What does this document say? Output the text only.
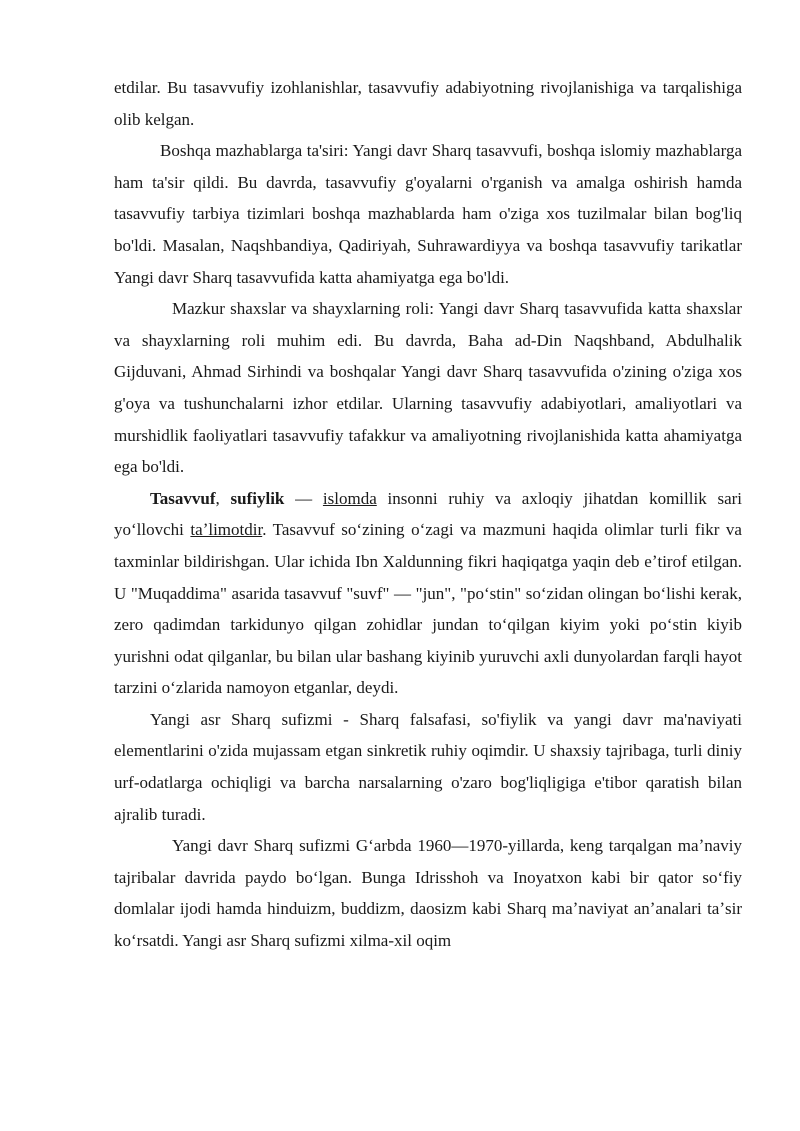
etdilar. Bu tasavvufiy izohlanishlar, tasavvufiy adabiyotning rivojlanishiga va tarqalishiga olib kelgan.

Boshqa mazhablarga ta'siri: Yangi davr Sharq tasavvufi, boshqa islomiy mazhablarga ham ta'sir qildi. Bu davrda, tasavvufiy g'oyalarni o'rganish va amalga oshirish hamda tasavvufiy tarbiya tizimlari boshqa mazhablarda ham o'ziga xos tuzilmalar bilan bog'liq bo'ldi. Masalan, Naqshbandiya, Qadiriyah, Suhrawardiyya va boshqa tasavvufiy tarikatlar Yangi davr Sharq tasavvufida katta ahamiyatga ega bo'ldi.

Mazkur shaxslar va shayxlarning roli: Yangi davr Sharq tasavvufida katta shaxslar va shayxlarning roli muhim edi. Bu davrda, Baha ad-Din Naqshband, Abdulhalik Gijduvani, Ahmad Sirhindi va boshqalar Yangi davr Sharq tasavvufida o'zining o'ziga xos g'oya va tushunchalarni izhor etdilar. Ularning tasavvufiy adabiyotlari, amaliyotlari va murshidlik faoliyatlari tasavvufiy tafakkur va amaliyotning rivojlanishida katta ahamiyatga ega bo'ldi.

Tasavvuf, sufiylik — islomda insonni ruhiy va axloqiy jihatdan komillik sari yoʻllovchi taʼlimotdir. Tasavvuf soʻzining oʻzagi va mazmuni haqida olimlar turli fikr va taxminlar bildirishgan. Ular ichida Ibn Xaldunning fikri haqiqatga yaqin deb eʼtirof etilgan. U "Muqaddima" asarida tasavvuf "suvf" — "jun", "poʻstin" soʻzidan olingan boʻlishi kerak, zero qadimdan tarkidunyo qilgan zohidlar jundan toʻqilgan kiyim yoki poʻstin kiyib yurishni odat qilganlar, bu bilan ular bashang kiyinib yuruvchi axli dunyolardan farqli hayot tarzini oʻzlarida namoyon etganlar, deydi.

Yangi asr Sharq sufizmi - Sharq falsafasi, so'fiylik va yangi davr ma'naviyati elementlarini o'zida mujassam etgan sinkretik ruhiy oqimdir. U shaxsiy tajribaga, turli diniy urf-odatlarga ochiqligi va barcha narsalarning o'zaro bog'liqligiga e'tibor qaratish bilan ajralib turadi.

Yangi davr Sharq sufizmi Gʻarbda 1960—1970-yillarda, keng tarqalgan maʼnaviy tajribalar davrida paydo boʻlgan. Bunga Idrisshoh va Inoyatxon kabi bir qator soʻfiy domlalar ijodi hamda hinduizm, buddizm, daosizm kabi Sharq maʼnaviyat anʼanalari taʼsir koʻrsatdi. Yangi asr Sharq sufizmi xilma-xil oqim
